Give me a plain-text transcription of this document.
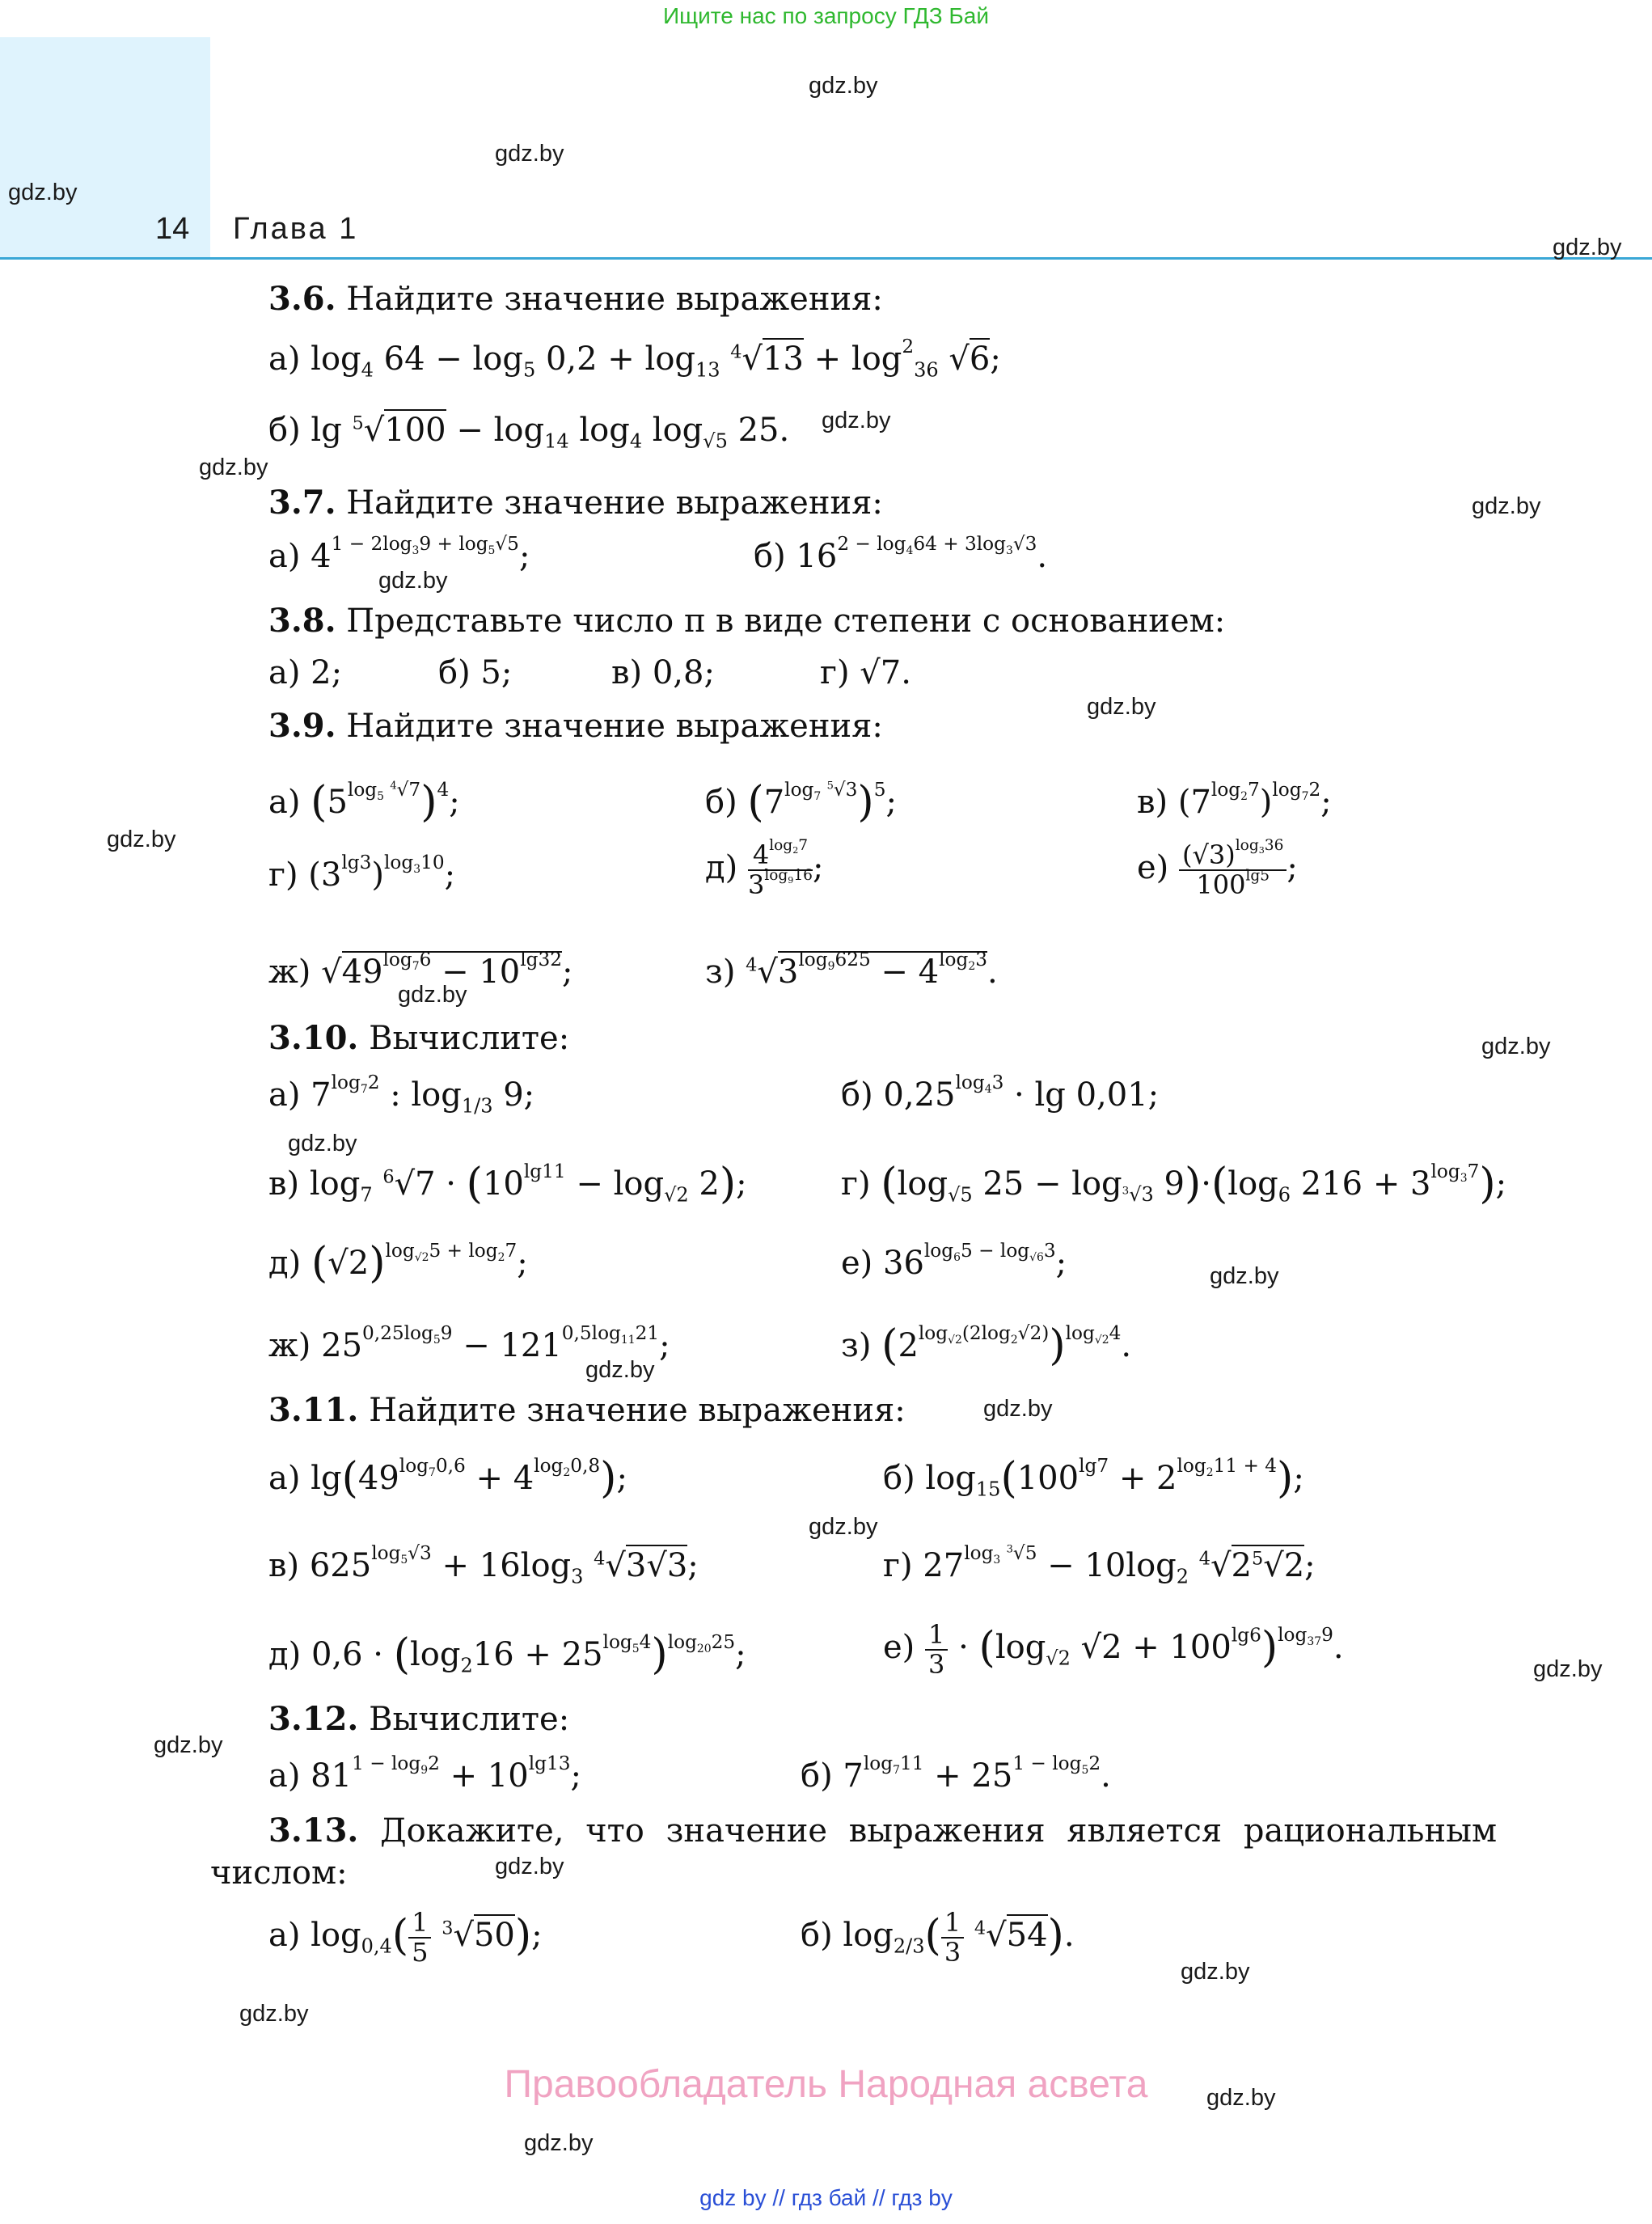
Ищите нас по запросу ГДЗ Бай
14 Глава 1
gdz.by
gdz.by
gdz.by
gdz.by
gdz.by
gdz.by
gdz.by
gdz.by
gdz.by
gdz.by
gdz.by
gdz.by
gdz.by
gdz.by
gdz.by
gdz.by
gdz.by
gdz.by
gdz.by
gdz.by
gdz.by
gdz.by
gdz.by
gdz.by
3.6. Найдите значение выражения:
а) $\log_4 64 - \log_5 0,2 + \log_{13} ^4√13 + \log^2_{36} √6$;
б) $\lg ^5√100 - \log_{14} \log_4 \log_{√5} 25$.
3.7. Найдите значение выражения:
а) $4^{1 - 2log_39 + log_5√5}$;	б) $16^{2 - log_464 + 3log_3√3}$.
3.8. Представьте число π в виде степени с основанием:
а) 2;	б) 5;	в) 0,8;	г) √7.
3.9. Найдите значение выражения:
а) $(5^{log_5 ^4√7})^4$;	б) $(7^{log_7 ^5√3})^5$;	в) $(7^{log_27})^{log_72}$;
г) $(3^{lg3})^{log_310}$;	$д) \frac{4^{log_27}}{3^{log_916}}$ ;	$е) \frac{(√3)^{log_336}}{100^{lg5}}$ ;
ж) $√49^{log_76} - 10^{lg32}$;	з) $^4√3^{log_9625} - 4^{log_23}$.
3.10. Вычислите:
а) $7^{log_72}$ : $\log_{1/3} 9$;	б) $0,25^{log_43} \cdot \lg 0,01$;
в) $\log_7 ^6√7 \cdot (10^{lg11} - \log_{√2} 2)$;	г) ($\log_{√5}$ $25 - \log_{^3√3} 9)\cdot(\log_6$ $216 + 3^{log_37}$);
д) $(√2)^{log_{√2}5 + log_27}$;	е) $36^{log_65 - log_{√6}3}$;
ж) $25^{0,25log_59} - 121^{0,5log_{11}21}$;	з) $(2^{log_{√2}(2log_2√2)})^{log_{√2}4}$.
3.11. Найдите значение выражения:
а) $\lg(49^{log_70,6} + 4^{log_20,8})$;	б) $\log_{15}(100^{lg7} + 2^{log_211 + 4})$;
в) $625^{log_5√3} + 16\log_3$ $^4$√3√3;	г) $27^{log_3 ^3√5} - 10\log_2$ $^4√2^5√2$;
д) $0,6 \cdot (\log_216 + 25^{log_54})^{log_{20}25}$;	$е) \frac{1}{3} \cdot (\log_{√2}$ $√2 + 100^{lg6})^{log_{37}9}$.
3.12. Вычислите:
а) $81^{1 - log_92} + 10^{lg13}$;	б) $7^{log_711} + 25^{1 - log_52}$.
3.13. Докажите, что значение выражения является рациональным
числом:
а) $\log_{0,4}( \frac{1}{5} ^3√50)$;	б) $\log_{2/3}( \frac{1}{3} ^4√54)$.
Правообладатель Народная асвета
gdz by // гдз бай // гдз by
